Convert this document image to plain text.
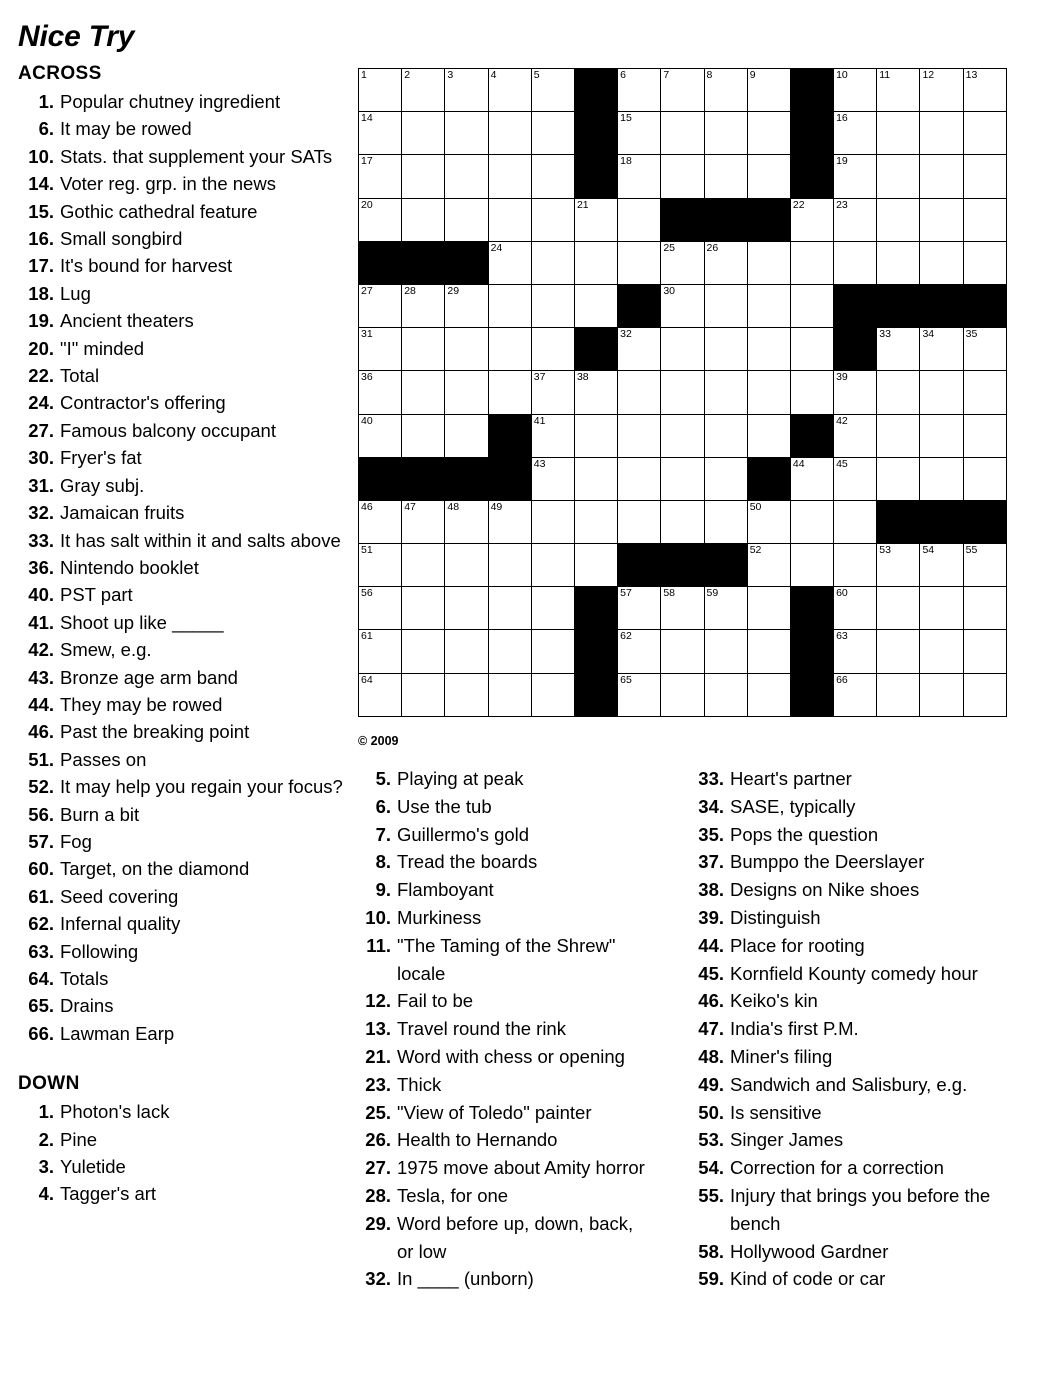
Nice Try
ACROSS
1. Popular chutney ingredient
6. It may be rowed
10. Stats. that supplement your SATs
14. Voter reg. grp. in the news
15. Gothic cathedral feature
16. Small songbird
17. It's bound for harvest
18. Lug
19. Ancient theaters
20. "I" minded
22. Total
24. Contractor's offering
27. Famous balcony occupant
30. Fryer's fat
31. Gray subj.
32. Jamaican fruits
33. It has salt within it and salts above
36. Nintendo booklet
40. PST part
41. Shoot up like _____
42. Smew, e.g.
43. Bronze age arm band
44. They may be rowed
46. Past the breaking point
51. Passes on
52. It may help you regain your focus?
56. Burn a bit
57. Fog
60. Target, on the diamond
61. Seed covering
62. Infernal quality
63. Following
64. Totals
65. Drains
66. Lawman Earp
DOWN
1. Photon's lack
2. Pine
3. Yuletide
4. Tagger's art
1	2	3	4	5		6	7	8	9		10	11	12	13

14						15					16			

17						18					19			

20					21					22	23			

			24				25	26						

27	28	29					30							

31						32						33	34	35

36				37	38						39			

40				41							42			

				43						44	45			

46	47	48	49						50					

51									52			53	54	55

56						57	58	59			60			

61						62					63			

64						65					66			

© 2009
5. Playing at peak
6. Use the tub
7. Guillermo's gold
8. Tread the boards
9. Flamboyant
10. Murkiness
11. "The Taming of the Shrew" locale
12. Fail to be
13. Travel round the rink
21. Word with chess or opening
23. Thick
25. "View of Toledo" painter
26. Health to Hernando
27. 1975 move about Amity horror
28. Tesla, for one
29. Word before up, down, back, or low
32. In ____ (unborn)
33. Heart's partner
34. SASE, typically
35. Pops the question
37. Bumppo the Deerslayer
38. Designs on Nike shoes
39. Distinguish
44. Place for rooting
45. Kornfield Kounty comedy hour
46. Keiko's kin
47. India's first P.M.
48. Miner's filing
49. Sandwich and Salisbury, e.g.
50. Is sensitive
53. Singer James
54. Correction for a correction
55. Injury that brings you before the bench
58. Hollywood Gardner
59. Kind of code or car
